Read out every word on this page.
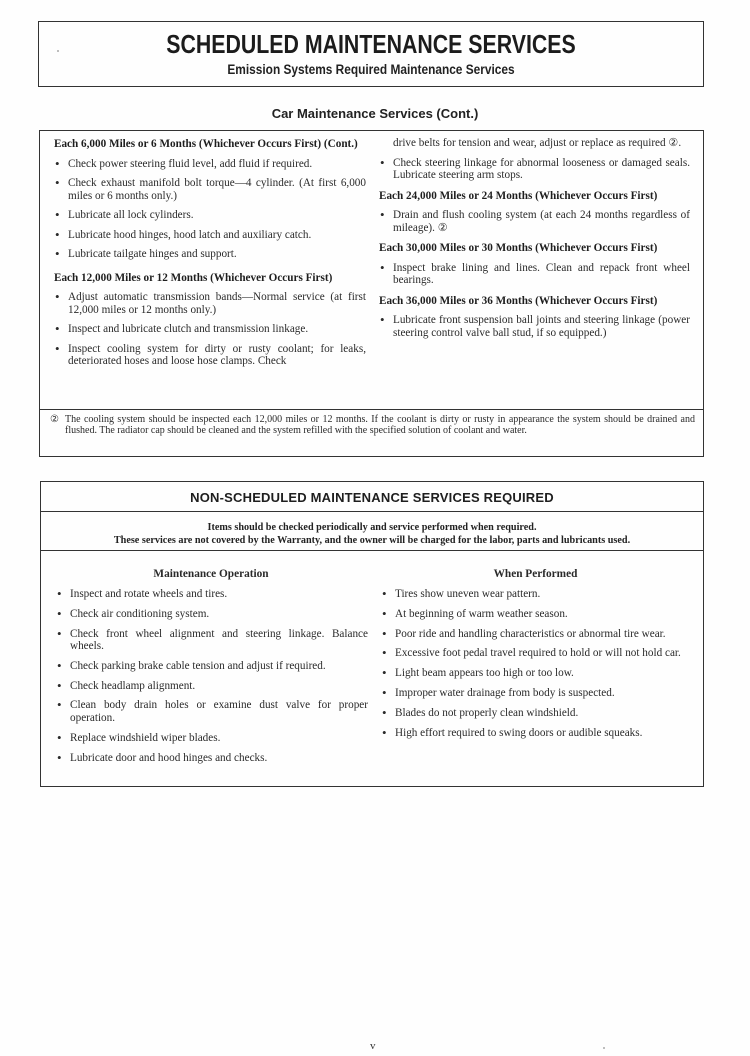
SCHEDULED MAINTENANCE SERVICES
Emission Systems Required Maintenance Services
Car Maintenance Services (Cont.)
Each 6,000 Miles or 6 Months (Whichever Occurs First) (Cont.)
• Check power steering fluid level, add fluid if required.
• Check exhaust manifold bolt torque—4 cylinder. (At first 6,000 miles or 6 months only.)
• Lubricate all lock cylinders.
• Lubricate hood hinges, hood latch and auxiliary catch.
• Lubricate tailgate hinges and support.
Each 12,000 Miles or 12 Months (Whichever Occurs First)
• Adjust automatic transmission bands—Normal service (at first 12,000 miles or 12 months only.)
• Inspect and lubricate clutch and transmission linkage.
• Inspect cooling system for dirty or rusty coolant; for leaks, deteriorated hoses and loose hose clamps. Check
drive belts for tension and wear, adjust or replace as required ②.
• Check steering linkage for abnormal looseness or damaged seals. Lubricate steering arm stops.
Each 24,000 Miles or 24 Months (Whichever Occurs First)
• Drain and flush cooling system (at each 24 months regardless of mileage). ②
Each 30,000 Miles or 30 Months (Whichever Occurs First)
• Inspect brake lining and lines. Clean and repack front wheel bearings.
Each 36,000 Miles or 36 Months (Whichever Occurs First)
• Lubricate front suspension ball joints and steering linkage (power steering control valve ball stud, if so equipped.)
② The cooling system should be inspected each 12,000 miles or 12 months. If the coolant is dirty or rusty in appearance the system should be drained and flushed. The radiator cap should be cleaned and the system refilled with the specified solution of coolant and water.
NON-SCHEDULED MAINTENANCE SERVICES REQUIRED
Items should be checked periodically and service performed when required.
These services are not covered by the Warranty, and the owner will be charged for the labor, parts and lubricants used.
Maintenance Operation	When Performed
• Inspect and rotate wheels and tires.
• Check air conditioning system.
• Check front wheel alignment and steering linkage. Balance wheels.
• Check parking brake cable tension and adjust if required.
• Check headlamp alignment.
• Clean body drain holes or examine dust valve for proper operation.
• Replace windshield wiper blades.
• Lubricate door and hood hinges and checks.
• Tires show uneven wear pattern.
• At beginning of warm weather season.
• Poor ride and handling characteristics or abnormal tire wear.
• Excessive foot pedal travel required to hold or will not hold car.
• Light beam appears too high or too low.
• Improper water drainage from body is suspected.
• Blades do not properly clean windshield.
• High effort required to swing doors or audible squeaks.
v
